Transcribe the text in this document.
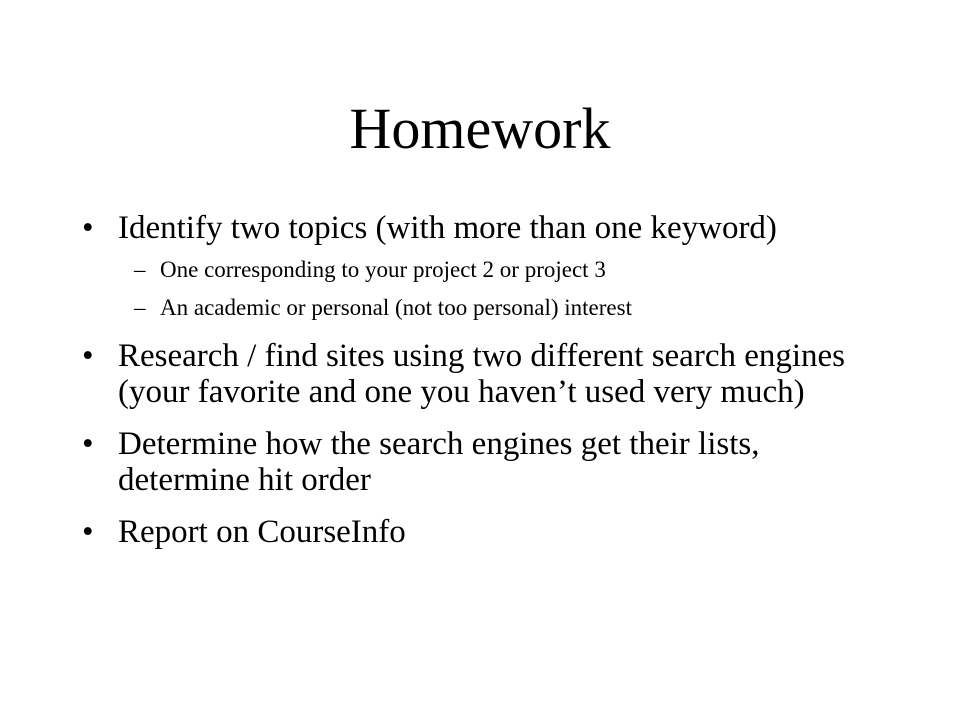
Homework
• Identify two topics (with more than one keyword)
– One corresponding to your project 2 or project 3
– An academic or personal (not too personal) interest
• Research / find sites using two different search engines (your favorite and one you haven’t used very much)
• Determine how the search engines get their lists, determine hit order
• Report on CourseInfo
